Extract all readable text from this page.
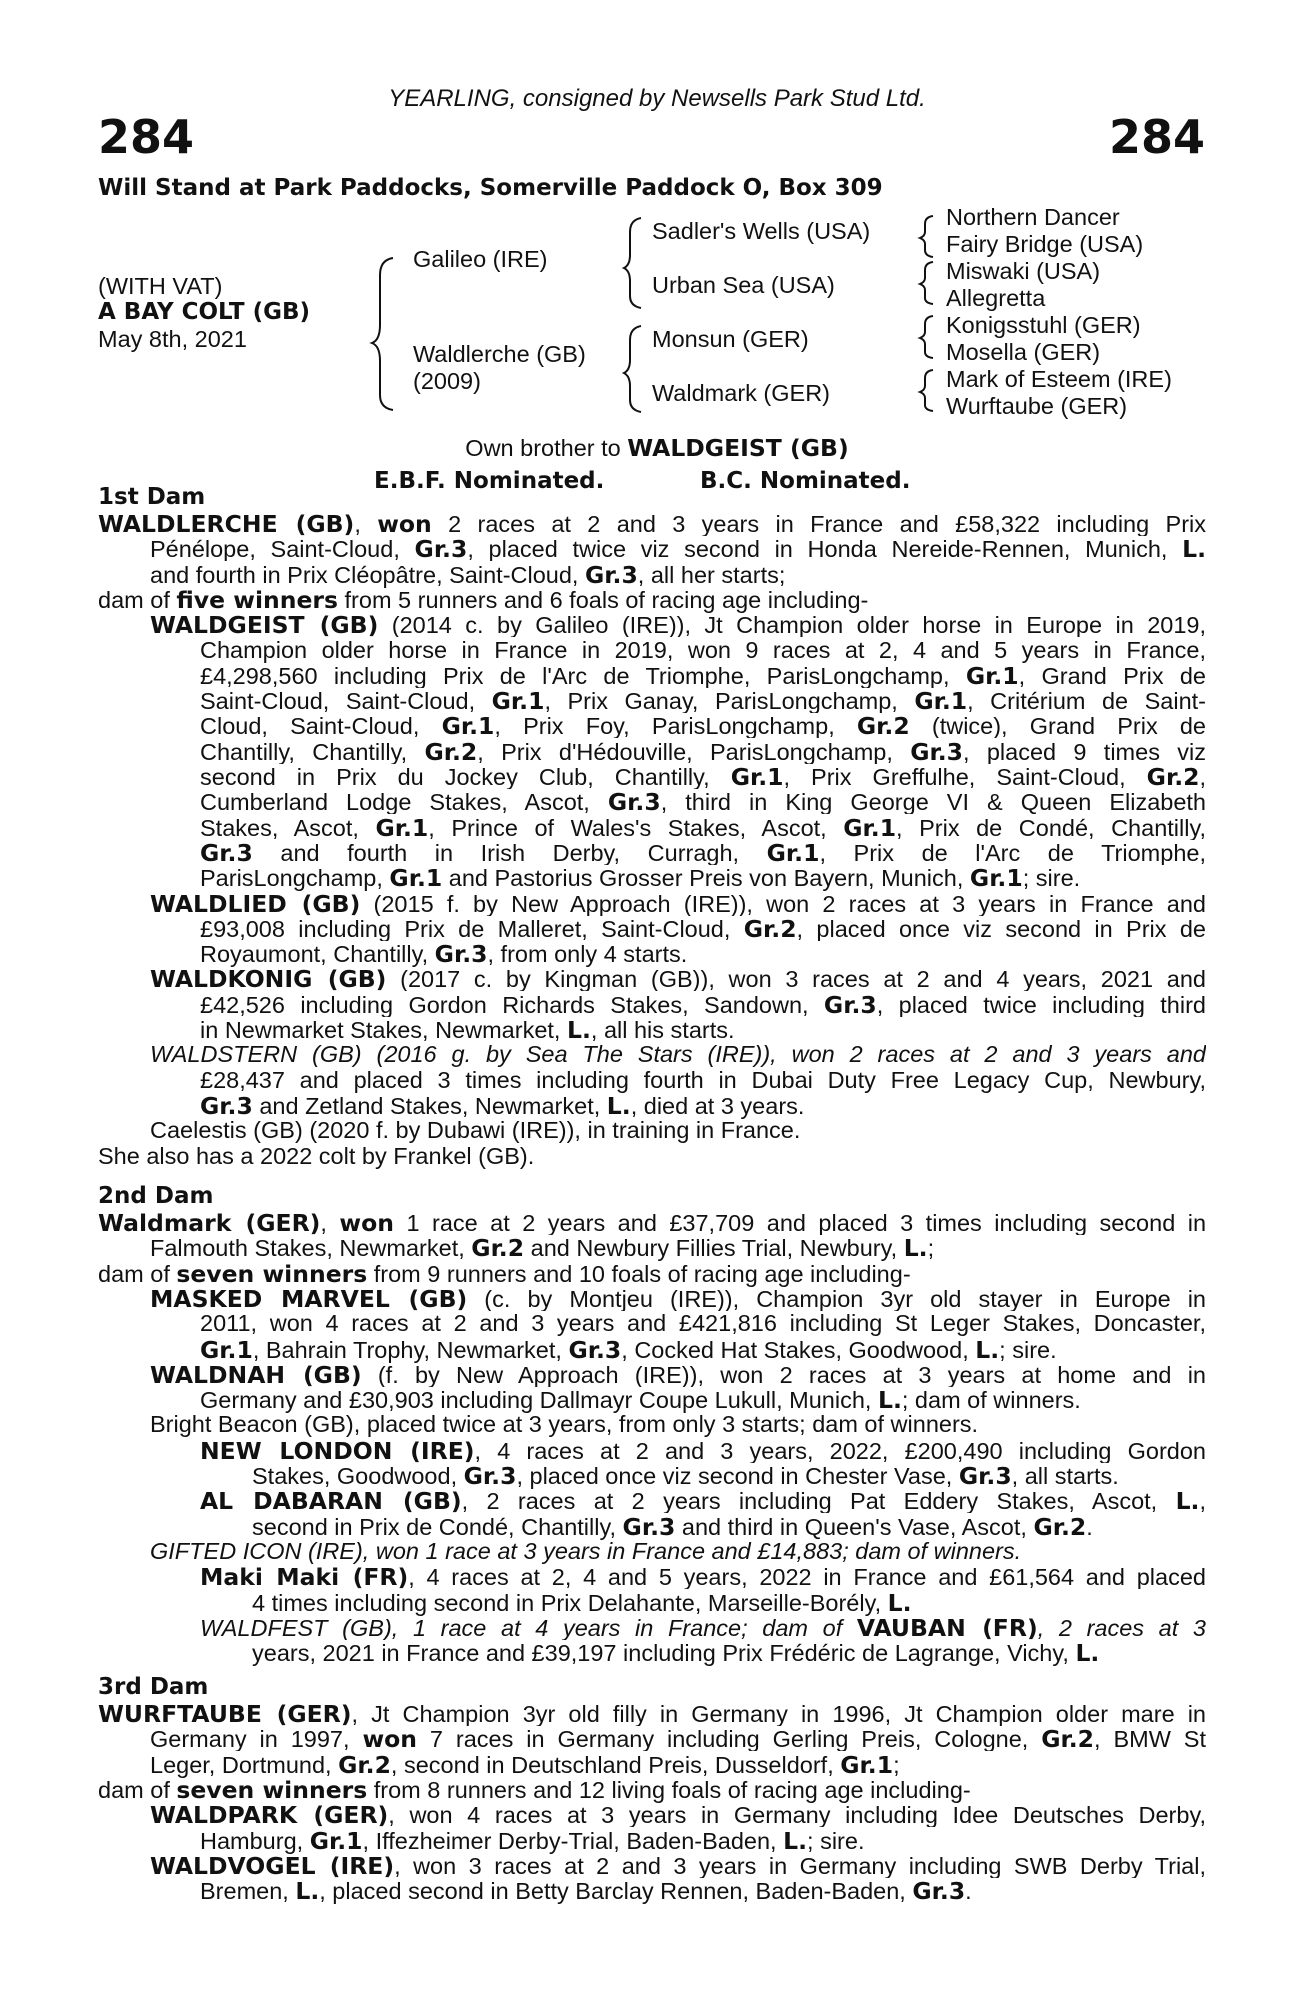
YEARLING, consigned by Newsells Park Stud Ltd.
284	284
Will Stand at Park Paddocks, Somerville Paddock O, Box 309
(WITH VAT)
A BAY COLT (GB)
May 8th, 2021
Galileo (IRE)
Waldlerche (GB)
(2009)
Sadler's Wells (USA)
Urban Sea (USA)
Monsun (GER)
Waldmark (GER)
Northern Dancer
Fairy Bridge (USA)
Miswaki (USA)
Allegretta
Konigsstuhl (GER)
Mosella (GER)
Mark of Esteem (IRE)
Wurftaube (GER)
Own brother to WALDGEIST (GB)
E.B.F. Nominated.	B.C. Nominated.
1st Dam
WALDLERCHE (GB), won 2 races at 2 and 3 years in France and £58,322 including Prix
Pénélope, Saint-Cloud, Gr.3, placed twice viz second in Honda Nereide-Rennen, Munich, L.
and fourth in Prix Cléopâtre, Saint-Cloud, Gr.3, all her starts;
dam of five winners from 5 runners and 6 foals of racing age including-
WALDGEIST (GB) (2014 c. by Galileo (IRE)), Jt Champion older horse in Europe in 2019,
Champion older horse in France in 2019, won 9 races at 2, 4 and 5 years in France,
£4,298,560 including Prix de l'Arc de Triomphe, ParisLongchamp, Gr.1, Grand Prix de
Saint-Cloud, Saint-Cloud, Gr.1, Prix Ganay, ParisLongchamp, Gr.1, Critérium de Saint-
Cloud, Saint-Cloud, Gr.1, Prix Foy, ParisLongchamp, Gr.2 (twice), Grand Prix de
Chantilly, Chantilly, Gr.2, Prix d'Hédouville, ParisLongchamp, Gr.3, placed 9 times viz
second in Prix du Jockey Club, Chantilly, Gr.1, Prix Greffulhe, Saint-Cloud, Gr.2,
Cumberland Lodge Stakes, Ascot, Gr.3, third in King George VI & Queen Elizabeth
Stakes, Ascot, Gr.1, Prince of Wales's Stakes, Ascot, Gr.1, Prix de Condé, Chantilly,
Gr.3 and fourth in Irish Derby, Curragh, Gr.1, Prix de l'Arc de Triomphe,
ParisLongchamp, Gr.1 and Pastorius Grosser Preis von Bayern, Munich, Gr.1; sire.
WALDLIED (GB) (2015 f. by New Approach (IRE)), won 2 races at 3 years in France and
£93,008 including Prix de Malleret, Saint-Cloud, Gr.2, placed once viz second in Prix de
Royaumont, Chantilly, Gr.3, from only 4 starts.
WALDKONIG (GB) (2017 c. by Kingman (GB)), won 3 races at 2 and 4 years, 2021 and
£42,526 including Gordon Richards Stakes, Sandown, Gr.3, placed twice including third
in Newmarket Stakes, Newmarket, L., all his starts.
WALDSTERN (GB) (2016 g. by Sea The Stars (IRE)), won 2 races at 2 and 3 years and
£28,437 and placed 3 times including fourth in Dubai Duty Free Legacy Cup, Newbury,
Gr.3 and Zetland Stakes, Newmarket, L., died at 3 years.
Caelestis (GB) (2020 f. by Dubawi (IRE)), in training in France.
She also has a 2022 colt by Frankel (GB).
2nd Dam
Waldmark (GER), won 1 race at 2 years and £37,709 and placed 3 times including second in
Falmouth Stakes, Newmarket, Gr.2 and Newbury Fillies Trial, Newbury, L.;
dam of seven winners from 9 runners and 10 foals of racing age including-
MASKED MARVEL (GB) (c. by Montjeu (IRE)), Champion 3yr old stayer in Europe in
2011, won 4 races at 2 and 3 years and £421,816 including St Leger Stakes, Doncaster,
Gr.1, Bahrain Trophy, Newmarket, Gr.3, Cocked Hat Stakes, Goodwood, L.; sire.
WALDNAH (GB) (f. by New Approach (IRE)), won 2 races at 3 years at home and in
Germany and £30,903 including Dallmayr Coupe Lukull, Munich, L.; dam of winners.
Bright Beacon (GB), placed twice at 3 years, from only 3 starts; dam of winners.
NEW LONDON (IRE), 4 races at 2 and 3 years, 2022, £200,490 including Gordon
Stakes, Goodwood, Gr.3, placed once viz second in Chester Vase, Gr.3, all starts.
AL DABARAN (GB), 2 races at 2 years including Pat Eddery Stakes, Ascot, L.,
second in Prix de Condé, Chantilly, Gr.3 and third in Queen's Vase, Ascot, Gr.2.
GIFTED ICON (IRE), won 1 race at 3 years in France and £14,883; dam of winners.
Maki Maki (FR), 4 races at 2, 4 and 5 years, 2022 in France and £61,564 and placed
4 times including second in Prix Delahante, Marseille-Borély, L.
WALDFEST (GB), 1 race at 4 years in France; dam of VAUBAN (FR), 2 races at 3
years, 2021 in France and £39,197 including Prix Frédéric de Lagrange, Vichy, L.
3rd Dam
WURFTAUBE (GER), Jt Champion 3yr old filly in Germany in 1996, Jt Champion older mare in
Germany in 1997, won 7 races in Germany including Gerling Preis, Cologne, Gr.2, BMW St
Leger, Dortmund, Gr.2, second in Deutschland Preis, Dusseldorf, Gr.1;
dam of seven winners from 8 runners and 12 living foals of racing age including-
WALDPARK (GER), won 4 races at 3 years in Germany including Idee Deutsches Derby,
Hamburg, Gr.1, Iffezheimer Derby-Trial, Baden-Baden, L.; sire.
WALDVOGEL (IRE), won 3 races at 2 and 3 years in Germany including SWB Derby Trial,
Bremen, L., placed second in Betty Barclay Rennen, Baden-Baden, Gr.3.
